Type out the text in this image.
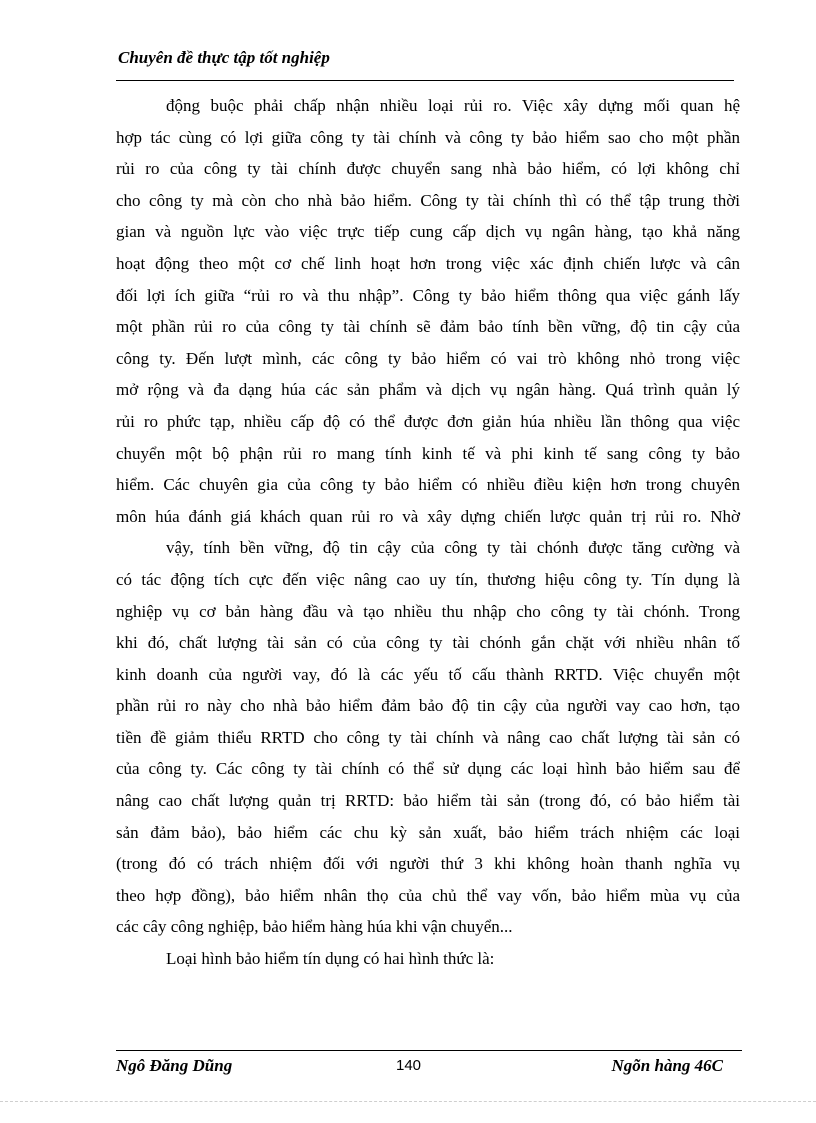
Chuyên đề thực tập tốt nghiệp
động buộc phải chấp nhận nhiều loại rủi ro. Việc xây dựng mối quan hệ
hợp tác cùng có lợi giữa công ty tài chính và công ty bảo hiểm sao cho một phần
rủi ro của công ty tài chính được chuyển sang nhà bảo hiểm, có lợi không chỉ
cho công ty mà còn cho nhà bảo hiểm. Công ty tài chính thì có thể tập trung thời
gian và nguồn lực vào việc trực tiếp cung cấp dịch vụ ngân hàng, tạo khả năng
hoạt động theo một cơ chế linh hoạt hơn trong việc xác định chiến lược và cân
đối lợi ích giữa “rủi ro và thu nhập”. Công ty bảo hiểm thông qua việc gánh lấy
một phần rủi ro của công ty tài chính sẽ đảm bảo tính bền vững, độ tin cậy của
công ty. Đến lượt mình, các công ty bảo hiểm có vai trò không nhỏ trong việc
mở rộng và đa dạng húa các sản phẩm và dịch vụ ngân hàng. Quá trình quản lý
rủi ro phức tạp, nhiều cấp độ có thể được đơn giản húa nhiều lần thông qua việc
chuyển một bộ phận rủi ro mang tính kinh tế và phi kinh tế sang công ty bảo
hiểm. Các chuyên gia của công ty bảo hiểm có nhiều điều kiện hơn trong chuyên
môn húa đánh giá khách quan rủi ro và xây dựng chiến lược quản trị rủi ro. Nhờ
vậy, tính bền vững, độ tin cậy của công ty tài chónh được tăng cường và
có tác động tích cực đến việc nâng cao uy tín, thương hiệu công ty. Tín dụng là
nghiệp vụ cơ bản hàng đầu và tạo nhiều thu nhập cho công ty tài chónh. Trong
khi đó, chất lượng tài sản có của công ty tài chónh gắn chặt với nhiều nhân tố
kinh doanh của người vay, đó là các yếu tố cấu thành RRTD. Việc chuyển một
phần rủi ro này cho nhà bảo hiểm đảm bảo độ tin cậy của người vay cao hơn, tạo
tiền đề giảm thiểu RRTD cho công ty tài chính và nâng cao chất lượng tài sản có
của công ty. Các công ty tài chính có thể sử dụng các loại hình bảo hiểm sau để
nâng cao chất lượng quản trị RRTD: bảo hiểm tài sản (trong đó, có bảo hiểm tài
sản đảm bảo), bảo hiểm các chu kỳ sản xuất, bảo hiểm trách nhiệm các loại
(trong đó có trách nhiệm đối với người thứ 3 khi không hoàn thanh nghĩa vụ
theo hợp đồng), bảo hiểm nhân thọ của chủ thể vay vốn, bảo hiểm mùa vụ của
các cây công nghiệp, bảo hiểm hàng húa khi vận chuyển...
Loại hình bảo hiểm tín dụng có hai hình thức là:
Ngô Đăng Dũng	140	Ngõn hàng 46C
